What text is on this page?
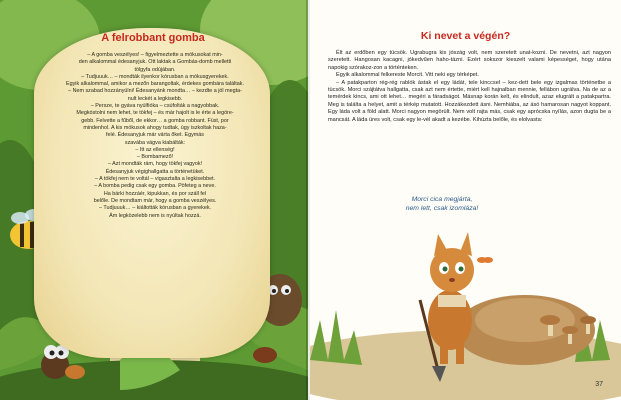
A felrobbant gomba

– A gomba veszélyes! – figyelmeztette a mókusokat min-

den alkalommal édesanyjuk. Ott laktak a Gombás-domb melletti

tölgyfa odújában.

– Tudjuuuk… – mondták ilyenkor kórusban a mókusgyerekek.

Egyik alkalommal, amikor a mezőn barangoltak, érdekes gombára találtak.

– Nem szabad hozzányúlni! Édesanyánk mondta… – kezdte a jól megta-

nult leckét a legkisebb.

– Persze, te gyáva nyúlfióka – csúfolták a nagyobbak.

Megkóstolni nem lehet, te tökfej – és már hajolt is le érte a legöre-

gebb. Felvette a fűből, de ekkor… a gomba robbant. Füst, por

mindenhol. A kis mókusok ahogy tudtak, úgy iszkoltak haza-

felé. Édesanyjuk már várta őket. Egymás

szavába vágva kiabálták:

– Itt az ellenség!

– Bombamező!

– Azt mondták rám, hogy tökfej vagyok!

Édesanyjuk végighallgatta a történetüket.

– A tökfej nem te voltál – vigasztalta a legkisebbet.

– A bomba pedig csak egy gomba. Pöfeteg a neve.

Ha bárki hozzáér, kipukkan, és por száll fel

belőle. De mondtam már, hogy a gomba veszélyes.

– Tudjuuuk… – kiáltották kórusban a gyerekek.

Ám legközelebb nem is nyúltak hozzá.

Ki nevet a végén?

Élt az erdőben egy tücsök. Ugrabugra kis jószág volt, nem szeretett unat-kozni. De nevetni, azt nagyon szeretett. Hangosan kacagni, jókedvűen haho-tázni. Ezért sokszor kieszelt valami képességet, hogy utána napokig szórakoz-zon a történteken.

Egyik alkalommal felkereste Morcit. Vitt neki egy térképet.

– A patakparton rég-rég rablók ástak el egy ládát, tele kinccsel – kez-dett bele egy izgalmas történetbe a tücsök. Morci szájtátva hallgatta, csak azt nem értette, miért kell hajnalban mennie, fellábon ugrálva. Na de az a temérdek kincs, ami ott lehet… megéri a fáradságot. Másnap korán kelt, és elindult, azaz elugrált a patakpartra. Meg is találta a helyet, amit a térkép mutatott. Hozzákezdett ásni. Nemhiába, az ásó hamarosan nagyot koppant. Egy láda volt a föld alatt. Morci nagyon megörült. Nem volt rajta más, csak egy aprócska nyílás, azon dugta be a mancsát. A láda üres volt, csak egy le-vél akadt a kezébe. Kihúzta belőle, és elolvasta:

Morci cica megjárta,

nem lett, csak izomláza!

37
